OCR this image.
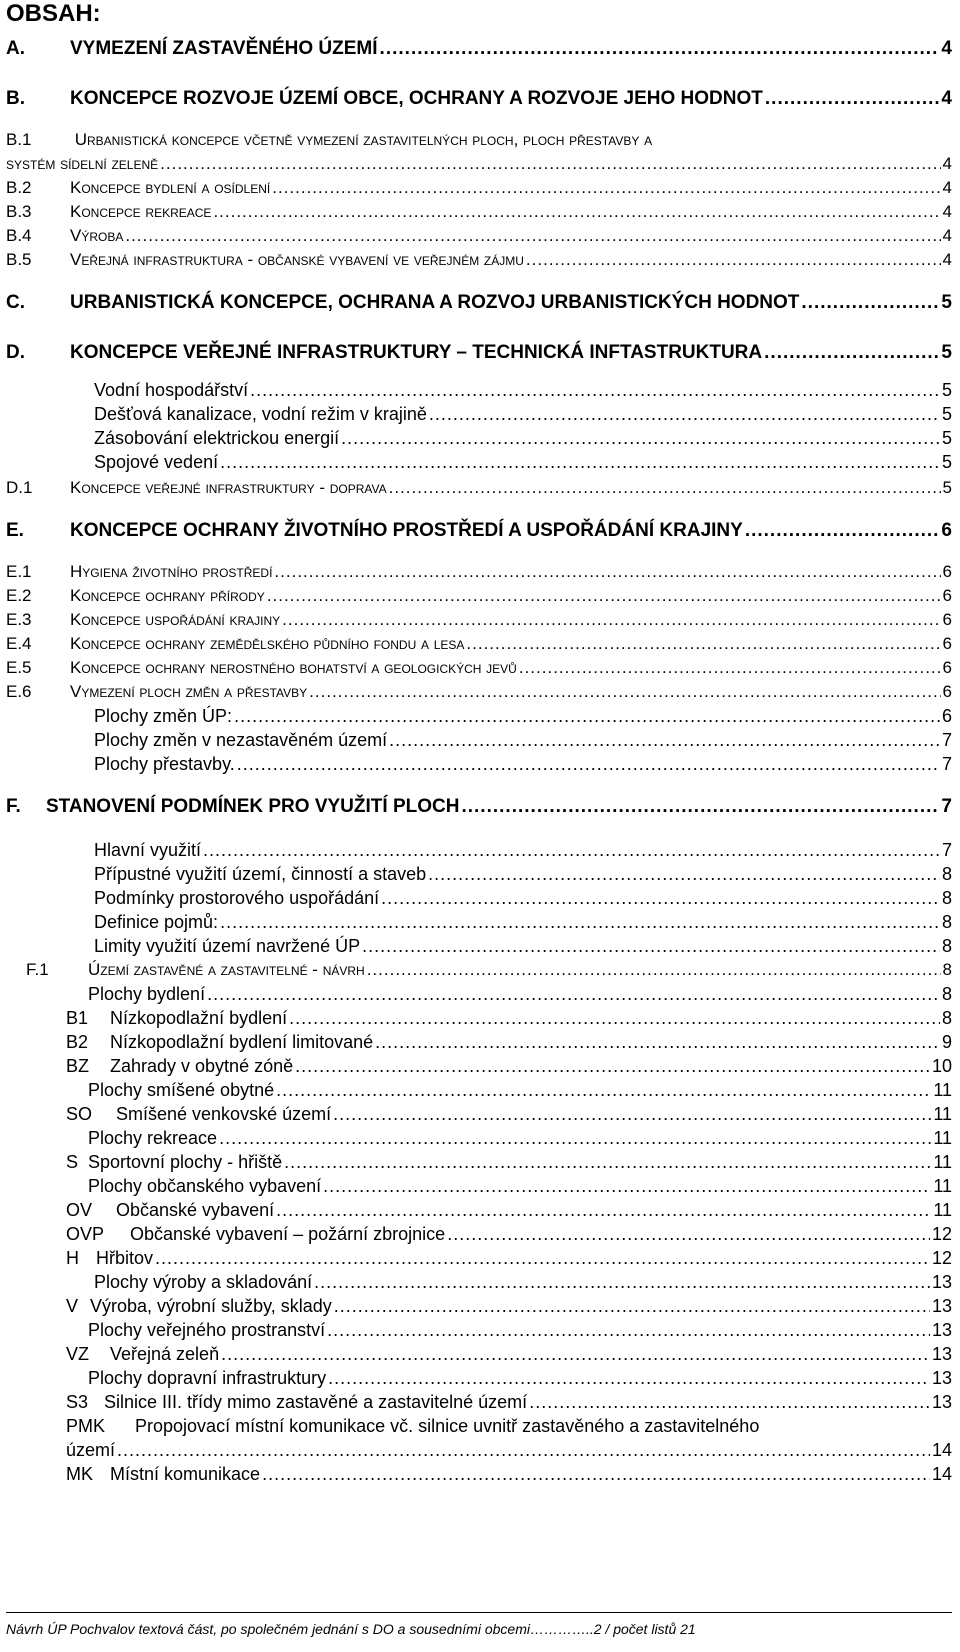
OBSAH:
A.	VYMEZENÍ ZASTAVĚNÉHO ÚZEMÍ .....	4
B.	KONCEPCE ROZVOJE ÚZEMÍ OBCE, OCHRANY A ROZVOJE JEHO HODNOT .....	4
B.1	Urbanistická koncepce včetně vymezení zastavitelných ploch, ploch přestavby a
systém sídelní zeleně .....	4
B.2	Koncepce bydlení a osídlení .....	4
B.3	Koncepce rekreace .....	4
B.4	Výroba .....	4
B.5	Veřejná infrastruktura - občanské vybavení ve veřejném zájmu .....	4
C.	URBANISTICKÁ KONCEPCE, OCHRANA A ROZVOJ URBANISTICKÝCH HODNOT .....	5
D.	KONCEPCE VEŘEJNÉ INFRASTRUKTURY – TECHNICKÁ INFTASTRUKTURA .....	5
Vodní hospodářství .....	5
Dešťová kanalizace, vodní režim v krajině .....	5
Zásobování elektrickou energií .....	5
Spojové vedení .....	5
D.1	Koncepce veřejné infrastruktury - doprava .....	5
E.	KONCEPCE OCHRANY ŽIVOTNÍHO PROSTŘEDÍ A USPOŘÁDÁNÍ KRAJINY .....	6
E.1	Hygiena životního prostředí .....	6
E.2	Koncepce ochrany přírody .....	6
E.3	Koncepce uspořádání krajiny .....	6
E.4	Koncepce ochrany zemědělského půdního fondu a lesa .....	6
E.5	Koncepce ochrany nerostného bohatství a geologických jevů .....	6
E.6	Vymezení ploch změn a přestavby .....	6
Plochy změn ÚP: .....	6
Plochy změn v nezastavěném území .....	7
Plochy přestavby. .....	7
F.	STANOVENÍ PODMÍNEK PRO VYUŽITÍ PLOCH .....	7
Hlavní využití .....	7
Přípustné využití území, činností a staveb .....	8
Podmínky prostorového uspořádání .....	8
Definice pojmů: .....	8
Limity využití území navržené ÚP .....	8
F.1	Území zastavěné a zastavitelné - návrh .....	8
Plochy bydlení .....	8
B1	Nízkopodlažní bydlení .....	8
B2	Nízkopodlažní bydlení limitované .....	9
BZ	Zahrady v obytné zóně .....	10
Plochy smíšené obytné .....	11
SO	Smíšené venkovské území .....	11
Plochy rekreace .....	11
S Sportovní plochy - hřiště .....	11
Plochy občanského vybavení .....	11
OV	Občanské vybavení .....	11
OVP	Občanské vybavení – požární zbrojnice .....	12
H Hřbitov .....	12
Plochy výroby a skladování .....	13
V Výroba, výrobní služby, sklady .....	13
Plochy veřejného prostranství .....	13
VZ	Veřejná zeleň .....	13
Plochy dopravní infrastruktury .....	13
S3 Silnice III. třídy mimo zastavěné a zastavitelné území .....	13
PMK Propojovací místní komunikace vč. silnice uvnitř zastavěného a zastavitelného
území .....	14
MK Místní komunikace .....	14
Návrh ÚP Pochvalov textová část, po společném jednání s DO a sousedními obcemi…………..2 / počet listů 21
